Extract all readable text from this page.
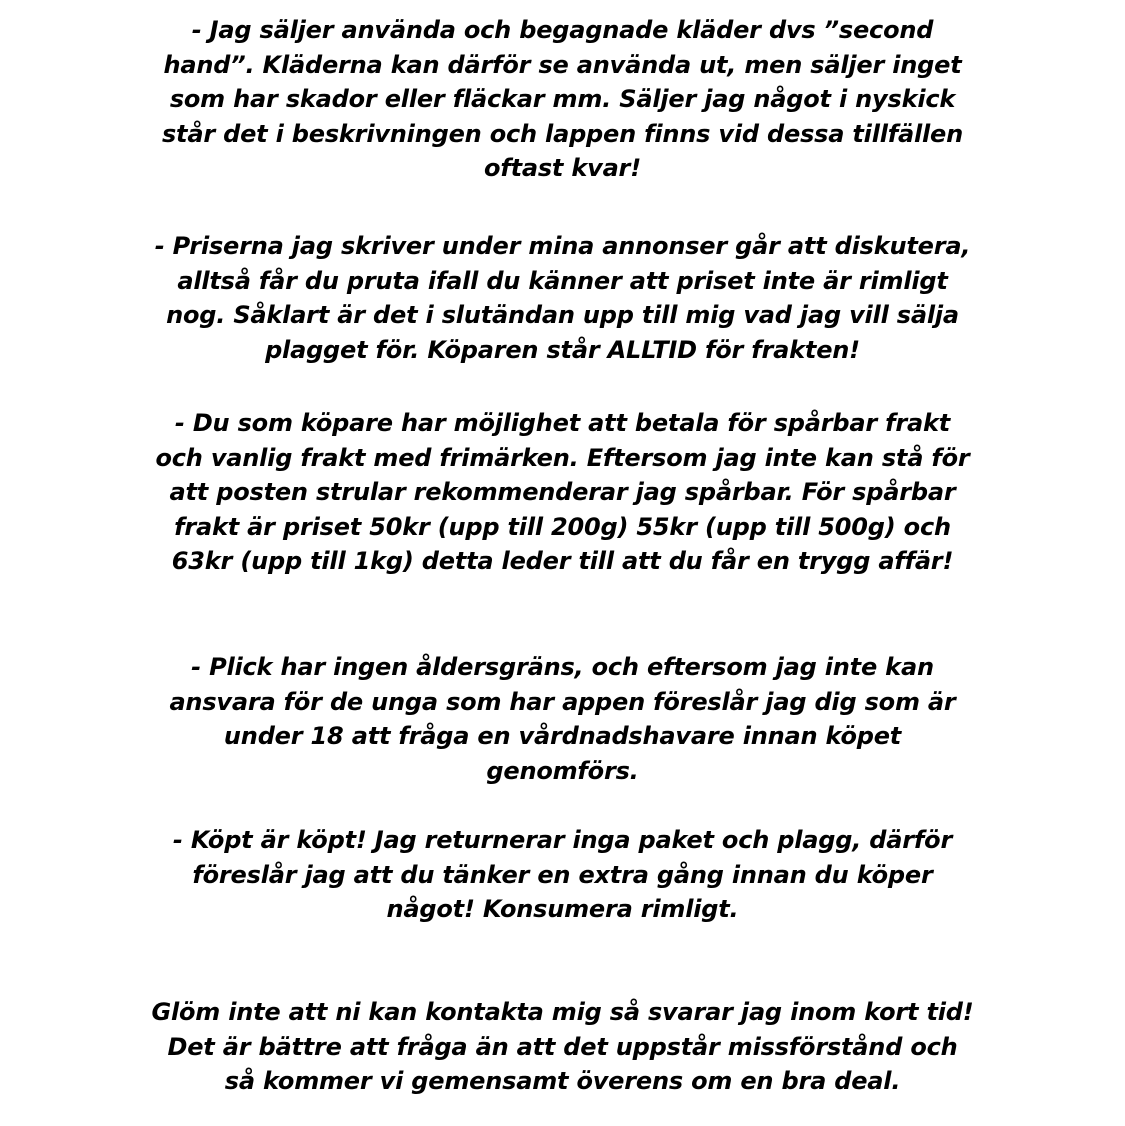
- Jag säljer använda och begagnade kläder dvs ”second hand”. Kläderna kan därför se använda ut, men säljer inget som har skador eller fläckar mm. Säljer jag något i nyskick står det i beskrivningen och lappen finns vid dessa tillfällen oftast kvar!

- Priserna jag skriver under mina annonser går att diskutera, alltså får du pruta ifall du känner att priset inte är rimligt nog. Såklart är det i slutändan upp till mig vad jag vill sälja plagget för. Köparen står ALLTID för frakten!

- Du som köpare har möjlighet att betala för spårbar frakt och vanlig frakt med frimärken. Eftersom jag inte kan stå för att posten strular rekommenderar jag spårbar. För spårbar frakt är priset 50kr (upp till 200g) 55kr (upp till 500g) och 63kr (upp till 1kg) detta leder till att du får en trygg affär!

- Plick har ingen åldersgräns, och eftersom jag inte kan ansvara för de unga som har appen föreslår jag dig som är under 18 att fråga en vårdnadshavare innan köpet genomförs.

- Köpt är köpt! Jag returnerar inga paket och plagg, därför föreslår jag att du tänker en extra gång innan du köper något! Konsumera rimligt.

Glöm inte att ni kan kontakta mig så svarar jag inom kort tid! Det är bättre att fråga än att det uppstår missförstånd och så kommer vi gemensamt överens om en bra deal.
